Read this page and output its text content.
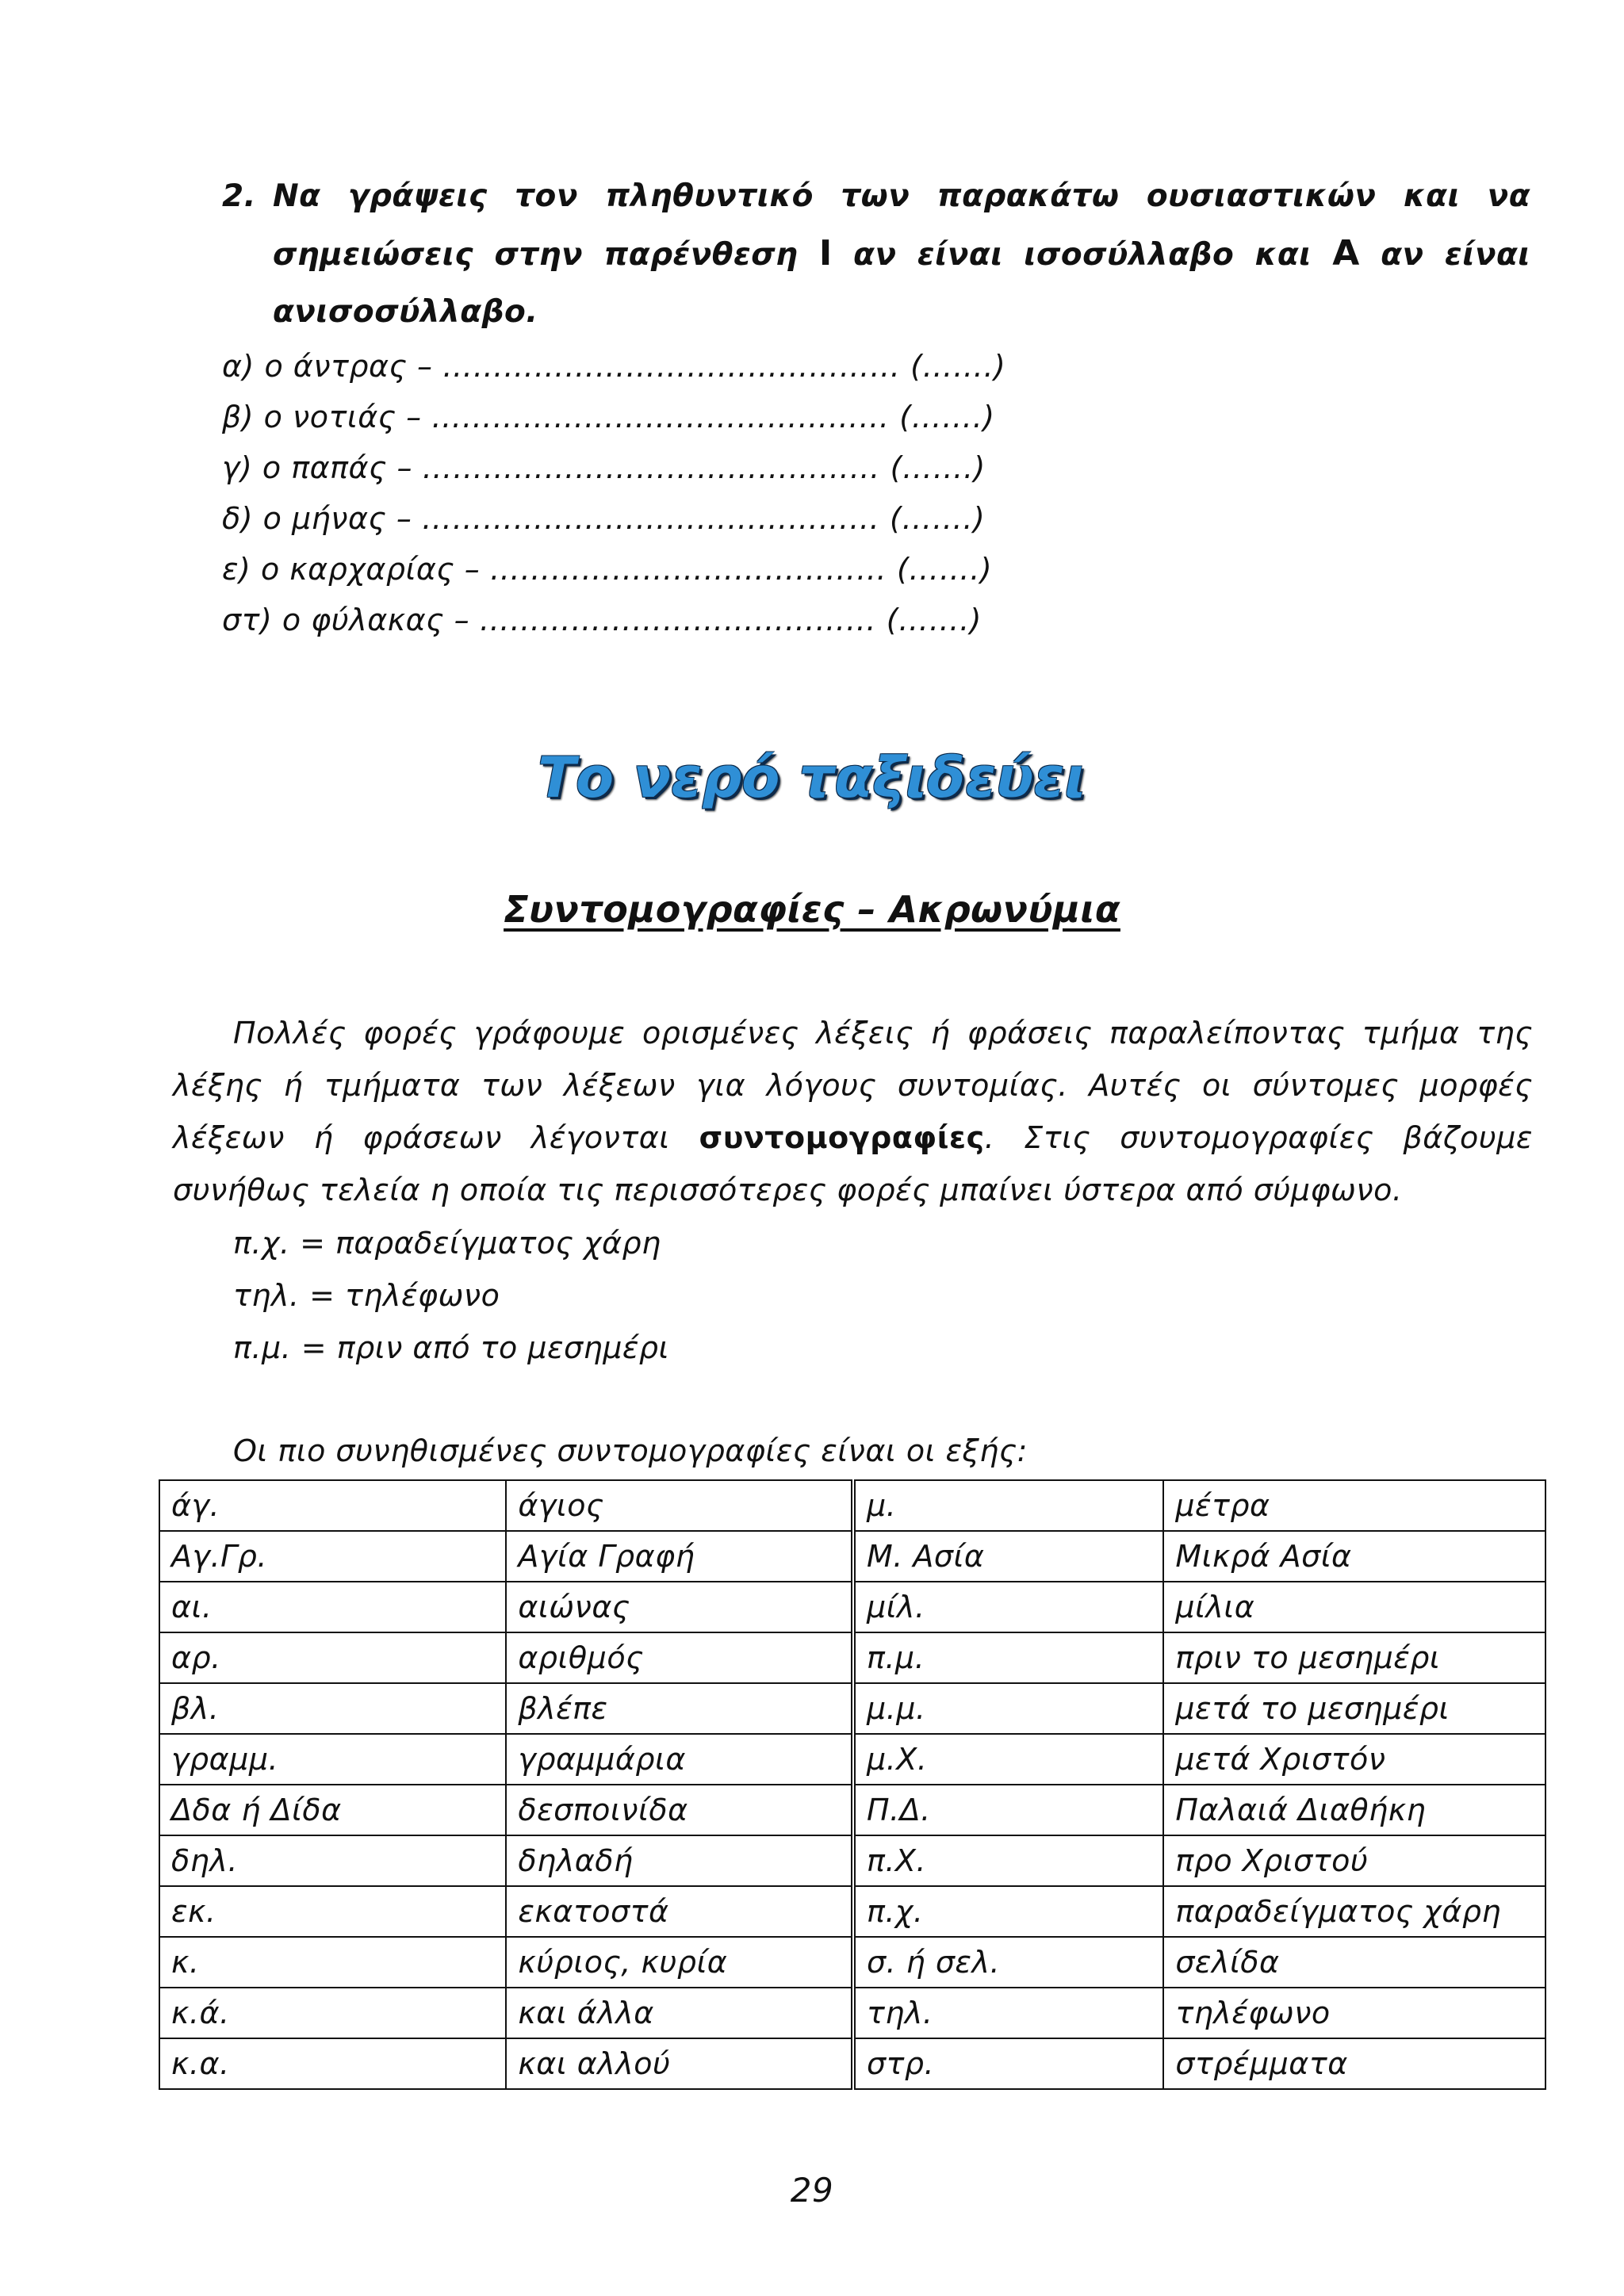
2. Να γράψεις τον πληθυντικό των παρακάτω ουσιαστικών και να
σημειώσεις στην παρένθεση Ι αν είναι ισοσύλλαβο και Α αν είναι
ανισοσύλλαβο.
α) ο άντρας – ……………………………………… (…….)
β) ο νοτιάς – ……………………………………… (…….)
γ) ο παπάς – ……………………………………… (…….)
δ) ο μήνας – ……………………………………… (…….)
ε) ο καρχαρίας – ………………………………… (…….)
στ) ο φύλακας – ………………………………… (…….)
Το νερό ταξιδεύει
Συντομογραφίες – Ακρωνύμια
Πολλές φορές γράφουμε ορισμένες λέξεις ή φράσεις παραλείποντας τμήμα της
λέξης ή τμήματα των λέξεων για λόγους συντομίας. Αυτές οι σύντομες μορφές
λέξεων ή φράσεων λέγονται συντομογραφίες. Στις συντομογραφίες βάζουμε
συνήθως τελεία η οποία τις περισσότερες φορές μπαίνει ύστερα από σύμφωνο.
π.χ. = παραδείγματος χάρη
τηλ. = τηλέφωνο
π.μ. = πριν από το μεσημέρι
Οι πιο συνηθισμένες συντομογραφίες είναι οι εξής:
άγ.	άγιος	μ.	μέτρα
Αγ.Γρ.	Αγία Γραφή	Μ. Ασία	Μικρά Ασία
αι.	αιώνας	μίλ.	μίλια
αρ.	αριθμός	π.μ.	πριν το μεσημέρι
βλ.	βλέπε	μ.μ.	μετά το μεσημέρι
γραμμ.	γραμμάρια	μ.Χ.	μετά Χριστόν
Δδα ή Δίδα	δεσποινίδα	Π.Δ.	Παλαιά Διαθήκη
δηλ.	δηλαδή	π.Χ.	προ Χριστού
εκ.	εκατοστά	π.χ.	παραδείγματος χάρη
κ.	κύριος, κυρία	σ. ή σελ.	σελίδα
κ.ά.	και άλλα	τηλ.	τηλέφωνο
κ.α.	και αλλού	στρ.	στρέμματα
29
